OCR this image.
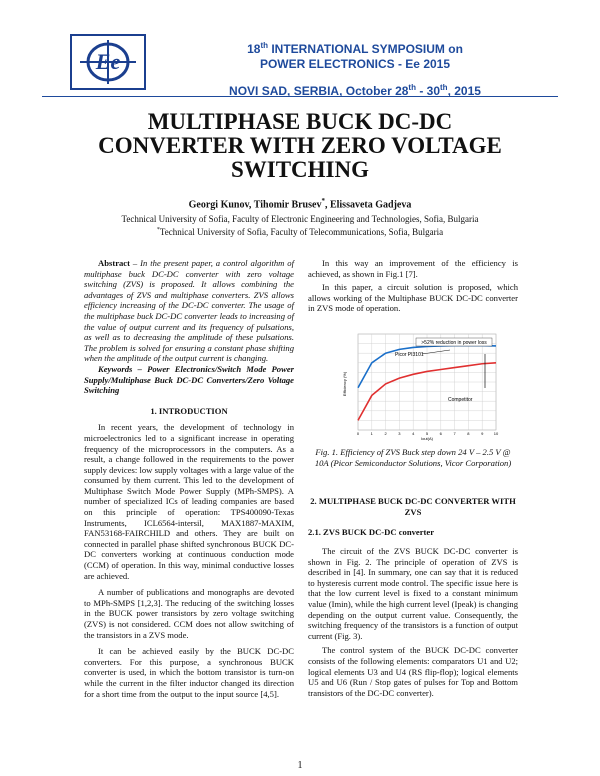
Ee	18th INTERNATIONAL SYMPOSIUM on
POWER ELECTRONICS - Ee 2015
NOVI SAD, SERBIA, October 28th - 30th, 2015
MULTIPHASE BUCK DC-DC
CONVERTER WITH ZERO VOLTAGE
SWITCHING
Georgi Kunov, Tihomir Brusev*, Elissaveta Gadjeva
Technical University of Sofia, Faculty of Electronic Engineering and Technologies, Sofia, Bulgaria
*Technical University of Sofia, Faculty of Telecommunications, Sofia, Bulgaria

Abstract – In the present paper, a control algorithm of multiphase buck DC-DC converter with zero voltage switching (ZVS) is proposed. It allows combining the advantages of ZVS and multiphase converters. ZVS allows efficiency increasing of the DC-DC converter. The usage of the multiphase buck DC-DC converter leads to increasing of the value of output current and its frequency of pulsations, as well as to decreasing the amplitude of these pulsations. The problem is solved for ensuring a constant phase shifting when the amplitude of the output current is changing.

Keywords – Power Electronics/Switch Mode Power Supply/Multiphase Buck DC-DC Converters/Zero Voltage Switching

1. INTRODUCTION

In recent years, the development of technology in microelectronics led to a significant increase in operating frequency of the microprocessors in the computers. As a result, a change followed in the requirements to the power supply devices: low supply voltages with a large value of the consumed by them current. This led to the development of Multiphase Switch Mode Power Supply (MPh-SMPS). A number of specialized ICs of leading companies are based on this principle of operation: TPS400090-Texas Instruments, ICL6564-intersil, MAX1887-MAXIM, FAN53168-FAIRCHILD and others. They are built on connected in parallel phase shifted synchronous BUCK DC-DC converters working at continuous conduction mode (CCM) of operation. In this way, minimal conductive losses are achieved.

A number of publications and monographs are devoted to MPh-SMPS [1,2,3]. The reducing of the switching losses in the BUCK power transistors by zero voltage switching (ZVS) is not considered. CCM does not allow switching of the transistors in a ZVS mode.

It can be achieved easily by the BUCK DC-DC converters. For this purpose, a synchronous BUCK converter is used, in which the bottom transistor is turn-on while the current in the filter inductor changed its direction for a short time from the output to the input source [4,5].

In this way an improvement of the efficiency is achieved, as shown in Fig.1 [7].

In this paper, a circuit solution is proposed, which allows working of the Multiphase BUCK DC-DC converter in ZVS mode of operation.

0	1	2	3	4	5	6	7	8	9	10
Efficiency (%)
Iout(A)
>52% reduction in power loss
Picor PI3101
Competitor

Fig. 1. Efficiency of ZVS Buck step down 24 V – 2.5 V @ 10A (Picor Semiconductor Solutions, Vicor Corporation)

2. MULTIPHASE BUCK DC-DC CONVERTER WITH ZVS

2.1. ZVS BUCK DC-DC converter

The circuit of the ZVS BUCK DC-DC converter is shown in Fig. 2. The principle of operation of ZVS is described in [4]. In summary, one can say that it is reduced to hysteresis current mode control. The specific issue here is that the low current level is fixed to a constant minimum value (Imin), while the high current level (Ipeak) is changing depending on the output current value. Consequently, the switching frequency of the transistors is a function of output current (Fig. 3).

The control system of the BUCK DC-DC converter consists of the following elements: comparators U1 and U2; logical elements U3 and U4 (RS flip-flop); logical elements U5 and U6 (Run / Stop gates of pulses for Top and Bottom transistors of the DC-DC converter).

1
